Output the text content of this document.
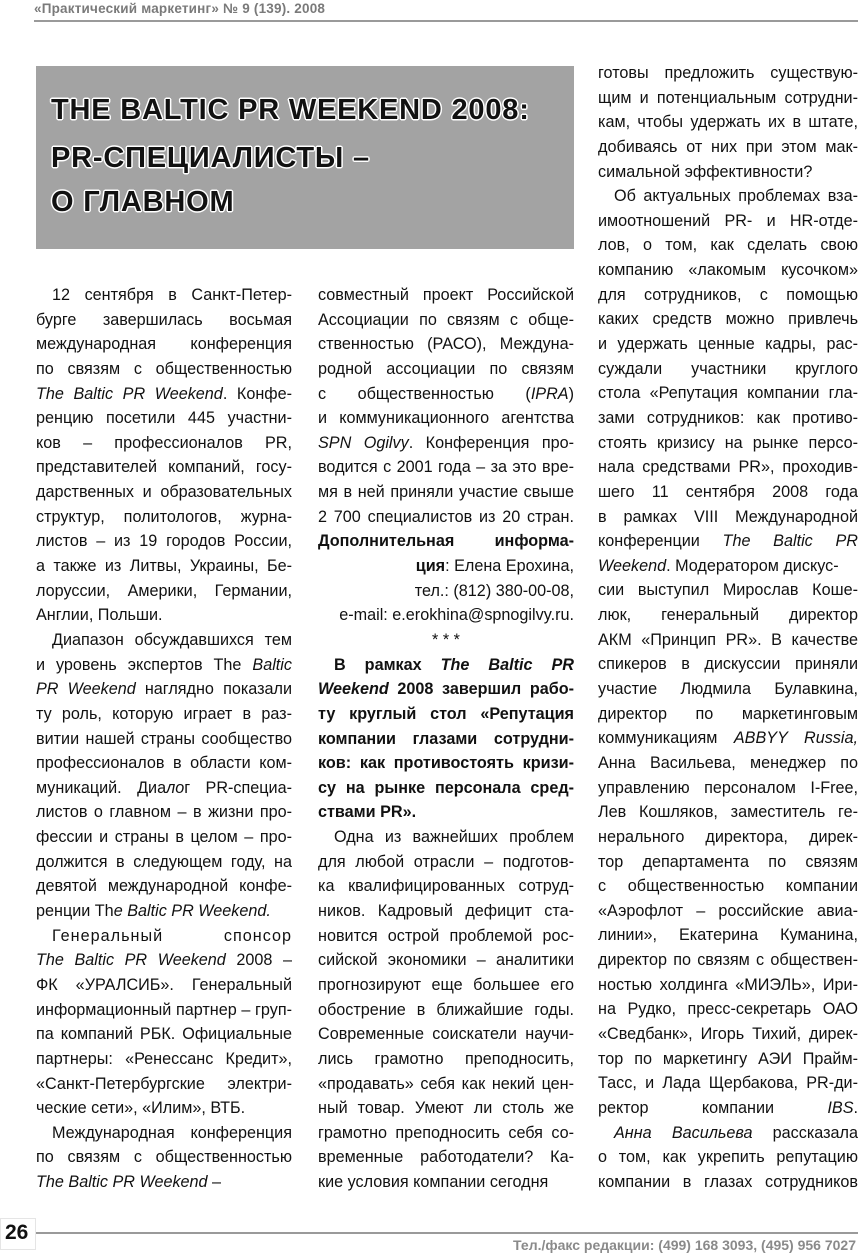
«Практический маркетинг» № 9 (139). 2008
THE BALTIC PR WEEKEND 2008:
PR-СПЕЦИАЛИСТЫ –
О ГЛАВНОМ
12 сентября в Санкт-Петер-
бурге завершилась восьмая
международная конференция
по связям с общественностью
The Baltic PR Weekend. Конфе-
ренцию посетили 445 участни-
ков – профессионалов PR,
представителей компаний, госу-
дарственных и образовательных
структур, политологов, журна-
листов – из 19 городов России,
а также из Литвы, Украины, Бе-
лоруссии, Америки, Германии,
Англии, Польши.
Диапазон обсуждавшихся тем
и уровень экспертов The Baltic
PR Weekend наглядно показали
ту роль, которую играет в раз-
витии нашей страны сообщество
профессионалов в области ком-
муникаций. Диалог PR-специа-
листов о главном – в жизни про-
фессии и страны в целом – про-
должится в следующем году, на
девятой международной конфе-
ренции The Baltic PR Weekend.
Генеральный спонсор
The Baltic PR Weekend 2008 –
ФК «УРАЛСИБ». Генеральный
информационный партнер – груп-
па компаний РБК. Официальные
партнеры: «Ренессанс Кредит»,
«Санкт-Петербургские электри-
ческие сети», «Илим», ВТБ.
Международная конференция
по связям с общественностью
The Baltic PR Weekend –
совместный проект Российской
Ассоциации по связям с обще-
ственностью (РАСО), Междуна-
родной ассоциации по связям
с общественностью (IPRA)
и коммуникационного агентства
SPN Ogilvy. Конференция про-
водится с 2001 года – за это вре-
мя в ней приняли участие свыше
2 700 специалистов из 20 стран.
Дополнительная информа-
ция: Елена Ерохина,
тел.: (812) 380-00-08,
e-mail: e.erokhina@spnogilvy.ru.
* * *
В рамках The Baltic PR
Weekend 2008 завершил рабо-
ту круглый стол «Репутация
компании глазами сотрудни-
ков: как противостоять кризи-
су на рынке персонала сред-
ствами PR».
Одна из важнейших проблем
для любой отрасли – подготов-
ка квалифицированных сотруд-
ников. Кадровый дефицит ста-
новится острой проблемой рос-
сийской экономики – аналитики
прогнозируют еще большее его
обострение в ближайшие годы.
Современные соискатели научи-
лись грамотно преподносить,
«продавать» себя как некий цен-
ный товар. Умеют ли столь же
грамотно преподносить себя со-
временные работодатели? Ка-
кие условия компании сегодня
готовы предложить существую-
щим и потенциальным сотрудни-
кам, чтобы удержать их в штате,
добиваясь от них при этом мак-
симальной эффективности?
Об актуальных проблемах вза-
имоотношений PR- и HR-отде-
лов, о том, как сделать свою
компанию «лакомым кусочком»
для сотрудников, с помощью
каких средств можно привлечь
и удержать ценные кадры, рас-
суждали участники круглого
стола «Репутация компании гла-
зами сотрудников: как противо-
стоять кризису на рынке персо-
нала средствами PR», проходив-
шего 11 сентября 2008 года
в рамках VIII Международной
конференции The Baltic PR
Weekend. Модератором дискус-
сии выступил Мирослав Коше-
люк, генеральный директор
АКМ «Принцип PR». В качестве
спикеров в дискуссии приняли
участие Людмила Булавкина,
директор по маркетинговым
коммуникациям ABBYY Russia,
Анна Васильева, менеджер по
управлению персоналом I-Free,
Лев Кошляков, заместитель ге-
нерального директора, дирек-
тор департамента по связям
с общественностью компании
«Аэрофлот – российские авиа-
линии», Екатерина Куманина,
директор по связям с обществен-
ностью холдинга «МИЭЛЬ», Ири-
на Рудко, пресс-секретарь ОАО
«Сведбанк», Игорь Тихий, дирек-
тор по маркетингу АЭИ Прайм-
Тасс, и Лада Щербакова, PR-ди-
ректор компании IBS.
Анна Васильева рассказала
о том, как укрепить репутацию
компании в глазах сотрудников
26
Тел./факс редакции: (499) 168 3093, (495) 956 7027
